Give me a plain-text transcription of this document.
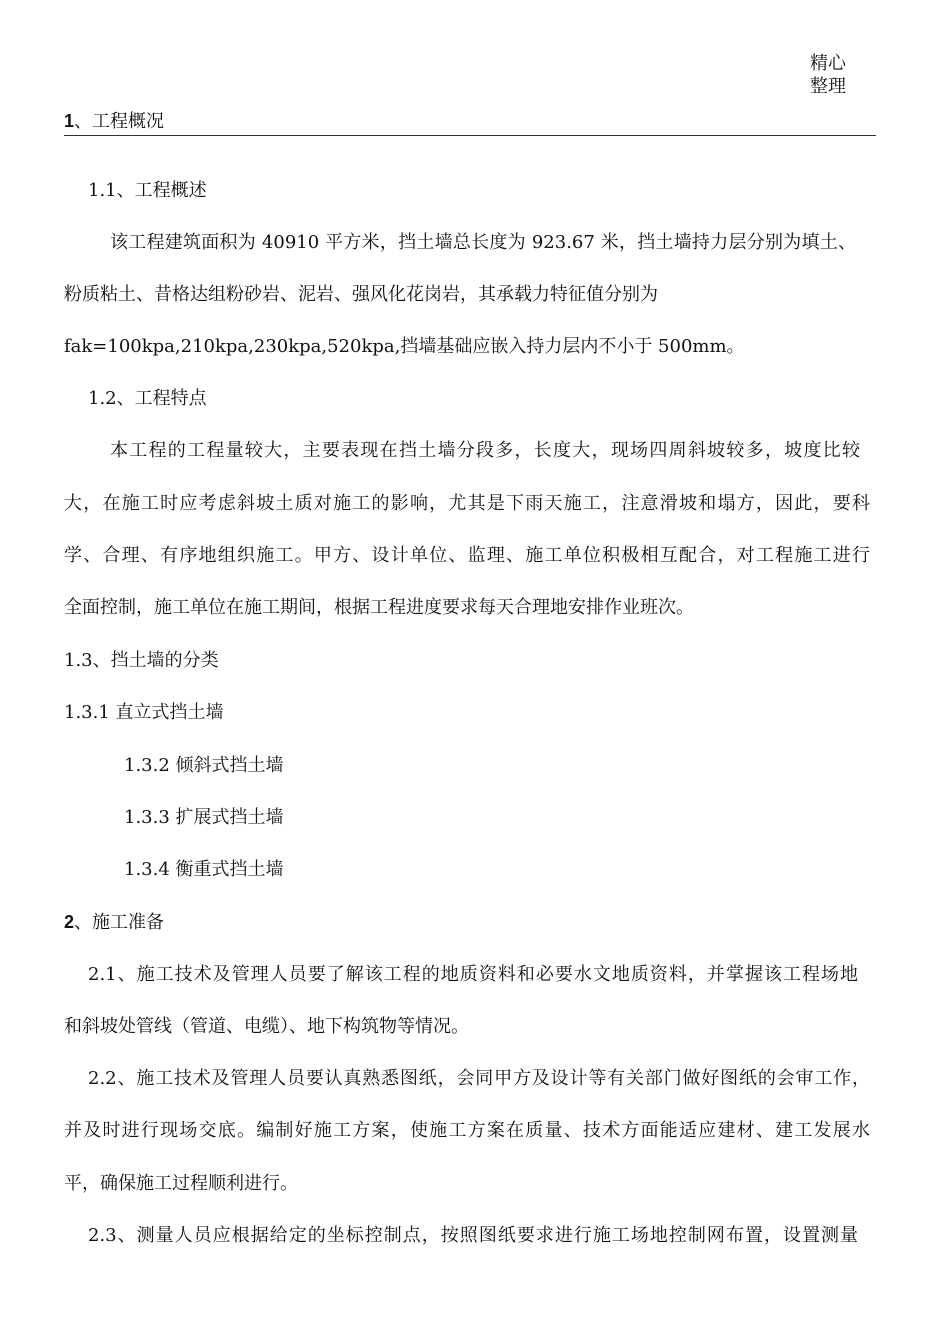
精心
整理
1、工程概况
1.1、工程概述
该工程建筑面积为 40910 平方米，挡土墙总长度为 923.67 米，挡土墙持力层分别为填土、
粉质粘土、昔格达组粉砂岩、泥岩、强风化花岗岩，其承载力特征值分别为
fak=100kpa,210kpa,230kpa,520kpa,挡墙基础应嵌入持力层内不小于 500mm。
1.2、工程特点
本工程的工程量较大，主要表现在挡土墙分段多，长度大，现场四周斜坡较多，坡度比较
大，在施工时应考虑斜坡土质对施工的影响，尤其是下雨天施工，注意滑坡和塌方，因此，要科
学、合理、有序地组织施工。甲方、设计单位、监理、施工单位积极相互配合，对工程施工进行
全面控制，施工单位在施工期间，根据工程进度要求每天合理地安排作业班次。
1.3、挡土墙的分类
1.3.1 直立式挡土墙
1.3.2 倾斜式挡土墙
1.3.3 扩展式挡土墙
1.3.4 衡重式挡土墙
2、施工准备
2.1、施工技术及管理人员要了解该工程的地质资料和必要水文地质资料，并掌握该工程场地
和斜坡处管线（管道、电缆）、地下构筑物等情况。
2.2、施工技术及管理人员要认真熟悉图纸，会同甲方及设计等有关部门做好图纸的会审工作，
并及时进行现场交底。编制好施工方案，使施工方案在质量、技术方面能适应建材、建工发展水
平，确保施工过程顺利进行。
2.3、测量人员应根据给定的坐标控制点，按照图纸要求进行施工场地控制网布置，设置测量
